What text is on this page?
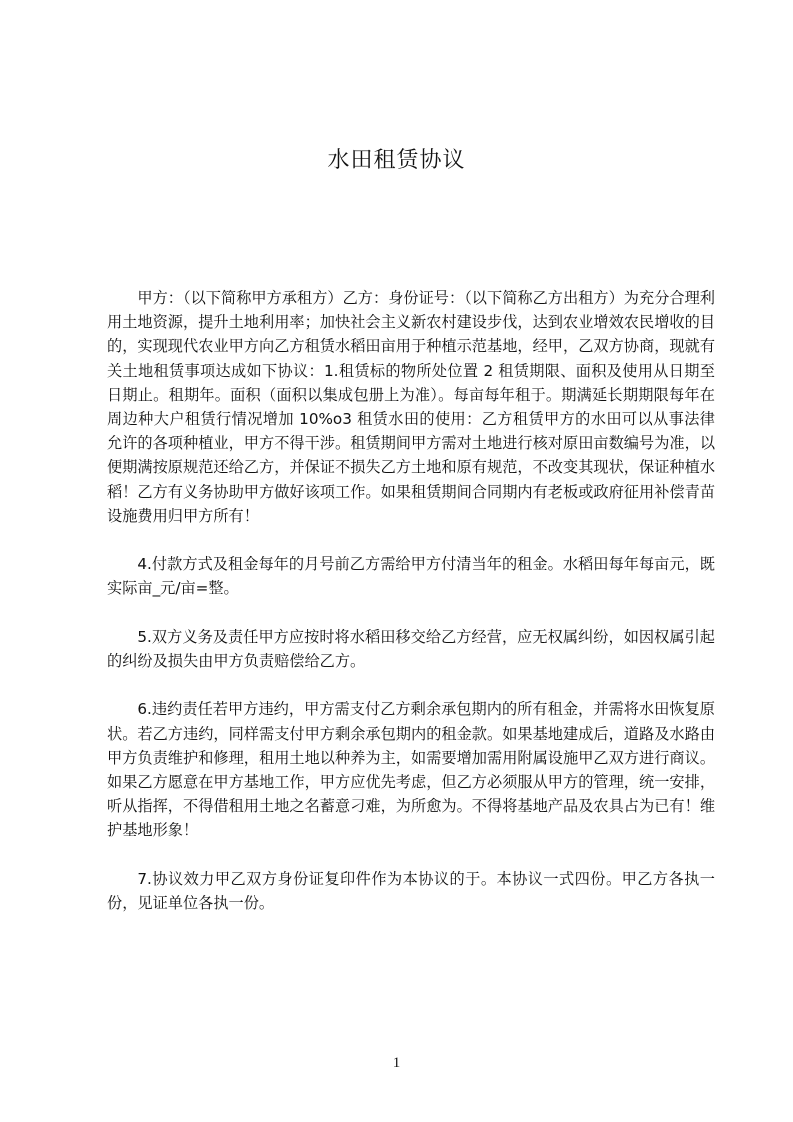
水田租赁协议

甲方：（以下简称甲方承租方）乙方：身份证号：（以下简称乙方出租方）为充分合理利用土地资源，提升土地利用率；加快社会主义新农村建设步伐，达到农业增效农民增收的目的，实现现代农业甲方向乙方租赁水稻田亩用于种植示范基地，经甲，乙双方协商，现就有关土地租赁事项达成如下协议：1.租赁标的物所处位置 2 租赁期限、面积及使用从日期至日期止。租期年。面积（面积以集成包册上为准）。每亩每年租于。期满延长期期限每年在周边种大户租赁行情况增加 10%o3 租赁水田的使用：乙方租赁甲方的水田可以从事法律允许的各项种植业，甲方不得干涉。租赁期间甲方需对土地进行核对原田亩数编号为准，以便期满按原规范还给乙方，并保证不损失乙方土地和原有规范，不改变其现状，保证种植水稻！乙方有义务协助甲方做好该项工作。如果租赁期间合同期内有老板或政府征用补偿青苗设施费用归甲方所有！

4.付款方式及租金每年的月号前乙方需给甲方付清当年的租金。水稻田每年每亩元，既实际亩_元/亩=整。

5.双方义务及责任甲方应按时将水稻田移交给乙方经营，应无权属纠纷，如因权属引起的纠纷及损失由甲方负责赔偿给乙方。

6.违约责任若甲方违约，甲方需支付乙方剩余承包期内的所有租金，并需将水田恢复原状。若乙方违约，同样需支付甲方剩余承包期内的租金款。如果基地建成后，道路及水路由甲方负责维护和修理，租用土地以种养为主，如需要增加需用附属设施甲乙双方进行商议。如果乙方愿意在甲方基地工作，甲方应优先考虑，但乙方必须服从甲方的管理，统一安排，听从指挥，不得借租用土地之名蓄意刁难，为所愈为。不得将基地产品及农具占为已有！维护基地形象！

7.协议效力甲乙双方身份证复印件作为本协议的于。本协议一式四份。甲乙方各执一份，见证单位各执一份。

1
